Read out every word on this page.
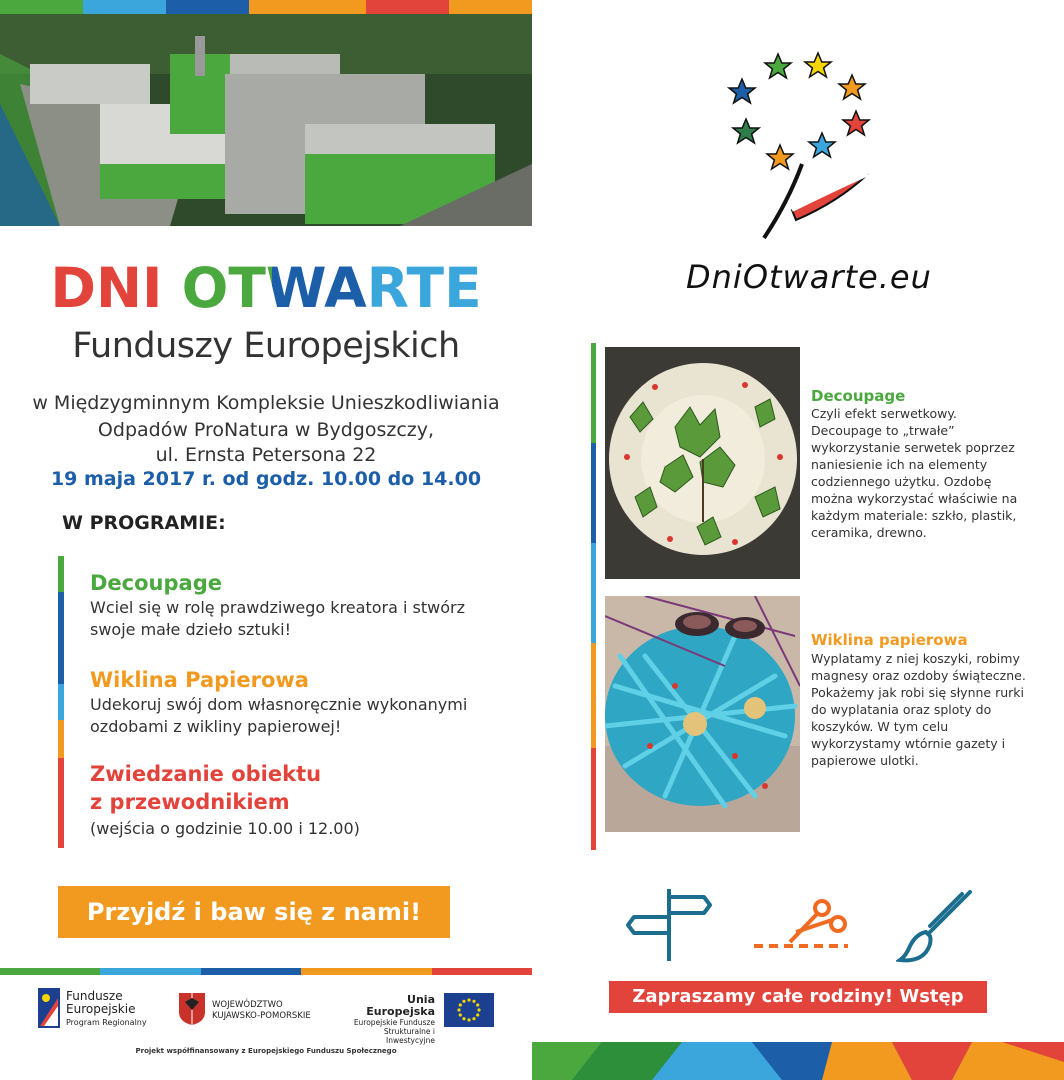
DNI OTWARTE
Funduszy Europejskich
w Międzygminnym Kompleksie Unieszkodliwiania
Odpadów ProNatura w Bydgoszczy,
ul. Ernsta Petersona 22
19 maja 2017 r. od godz. 10.00 do 14.00
W PROGRAMIE:
Decoupage
Wciel się w rolę prawdziwego kreatora i stwórz swoje małe dzieło sztuki!
Wiklina Papierowa
Udekoruj swój dom własnoręcznie wykonanymi ozdobami z wikliny papierowej!
Zwiedzanie obiektu
z przewodnikiem
(wejścia o godzinie 10.00 i 12.00)
Przyjdź i baw się z nami!
Fundusze
Europejskie
Program Regionalny
WOJEWÓDZTWO
KUJAWSKO-POMORSKIE
Unia Europejska
Europejskie Fundusze
Strukturalne i Inwestycyjne
Projekt współfinansowany z Europejskiego Funduszu Społecznego
DniOtwarte.eu
Decoupage
Czyli efekt serwetkowy. Decoupage to „trwałe” wykorzystanie serwetek poprzez naniesienie ich na elementy codziennego użytku. Ozdobę można wykorzystać właściwie na każdym materiale: szkło, plastik, ceramika, drewno.
Wiklina papierowa
Wyplatamy z niej koszyki, robimy magnesy oraz ozdoby świąteczne. Pokażemy jak robi się słynne rurki do wyplatania oraz sploty do koszyków. W tym celu wykorzystamy wtórnie gazety i papierowe ulotki.
Zapraszamy całe rodziny! Wstęp wolny!
